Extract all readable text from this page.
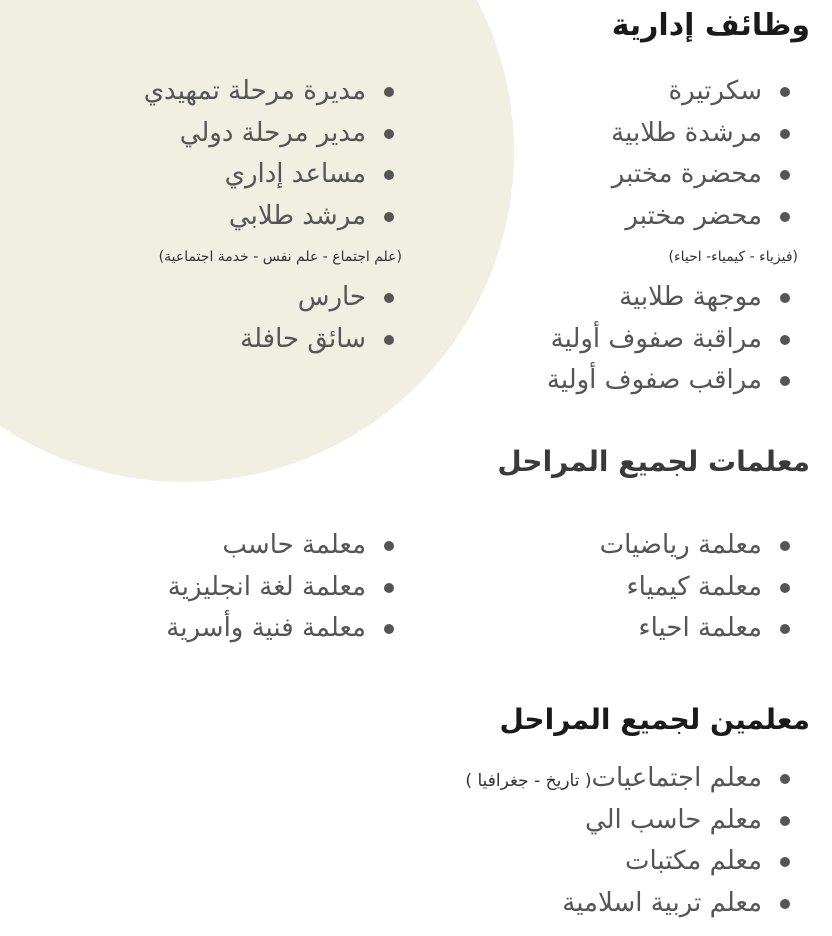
وظائف إدارية
سكرتيرة
مرشدة طلابية
محضرة مختبر
محضر مختبر
(فيزياء - كيمياء- احياء)
موجهة طلابية
مراقبة صفوف أولية
مراقب صفوف أولية
مديرة مرحلة تمهيدي
مدير مرحلة دولي
مساعد إداري
مرشد طلابي
(علم اجتماع - علم نفس - خدمة اجتماعية)
حارس
سائق حافلة
معلمات لجميع المراحل
معلمة رياضيات
معلمة كيمياء
معلمة احياء
معلمة حاسب
معلمة لغة انجليزية
معلمة فنية وأسرية
معلمين لجميع المراحل
معلم اجتماعيات( تاريخ - جغرافيا )
معلم حاسب الي
معلم مكتبات
معلم تربية اسلامية
